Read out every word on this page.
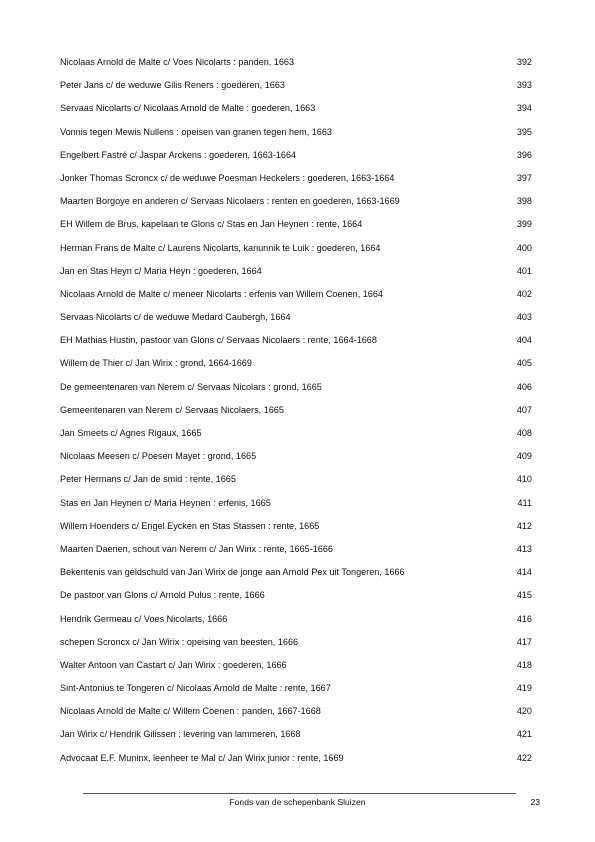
Nicolaas Arnold de Malte c/ Voes Nicolarts : panden, 1663	392
Peter Jans c/ de weduwe Gilis Reners : goederen, 1663	393
Servaas Nicolarts c/ Nicolaas Arnold de Malte : goederen, 1663	394
Vonnis tegen Mewis Nullens : opeisen van granen tegen hem, 1663	395
Engelbert Fastré c/ Jaspar Arckens : goederen, 1663-1664	396
Jonker Thomas Scroncx c/ de weduwe Poesman Heckelers : goederen, 1663-1664	397
Maarten Borgoye en anderen c/ Servaas Nicolaers : renten en goederen, 1663-1669	398
EH Willem de Brus, kapelaan te Glons c/ Stas en Jan Heynen : rente, 1664	399
Herman Frans de Malte c/ Laurens Nicolarts, kanunnik te Luik : goederen, 1664	400
Jan en Stas Heyn c/ Maria Heyn : goederen, 1664	401
Nicolaas Arnold de Malte c/ meneer Nicolarts : erfenis van Willem Coenen, 1664	402
Servaas Nicolarts c/ de weduwe Medard Caubergh, 1664	403
EH Mathias Hustin, pastoor van Glons c/ Servaas Nicolaers : rente, 1664-1668	404
Willem de Thier c/ Jan Wirix : grond, 1664-1669	405
De gemeentenaren van Nerem c/ Servaas Nicolars : grond, 1665	406
Gemeentenaren van Nerem c/ Servaas Nicolaers, 1665	407
Jan Smeets c/ Agnes Rigaux, 1665	408
Nicolaas Meesen c/ Poesen Mayet : grond, 1665	409
Peter Hermans c/ Jan de smid : rente, 1665	410
Stas en Jan Heynen c/ Maria Heynen : erfenis, 1665	411
Willem Hoenders c/ Engel Eycken en Stas Stassen : rente, 1665	412
Maarten Daenen, schout van Nerem c/ Jan Wirix : rente, 1665-1666	413
Bekentenis van geldschuld van Jan Wirix de jonge aan Arnold Pex uit Tongeren, 1666	414
De pastoor van Glons c/ Arnold Pulus : rente, 1666	415
Hendrik Germeau c/ Voes Nicolarts, 1666	416
schepen Scroncx c/ Jan Wirix : opeising van beesten, 1666	417
Walter Antoon van Castart c/ Jan Wirix : goederen, 1666	418
Sint-Antonius te Tongeren c/ Nicolaas Arnold de Malte : rente, 1667	419
Nicolaas Arnold de Malte c/ Willem Coenen : panden, 1667-1668	420
Jan Wirix c/ Hendrik Gilissen : levering van lammeren, 1668	421
Advocaat E.F. Muninx, leenheer te Mal c/ Jan Wirix junior : rente, 1669	422
Fonds van de schepenbank Sluizen	23
